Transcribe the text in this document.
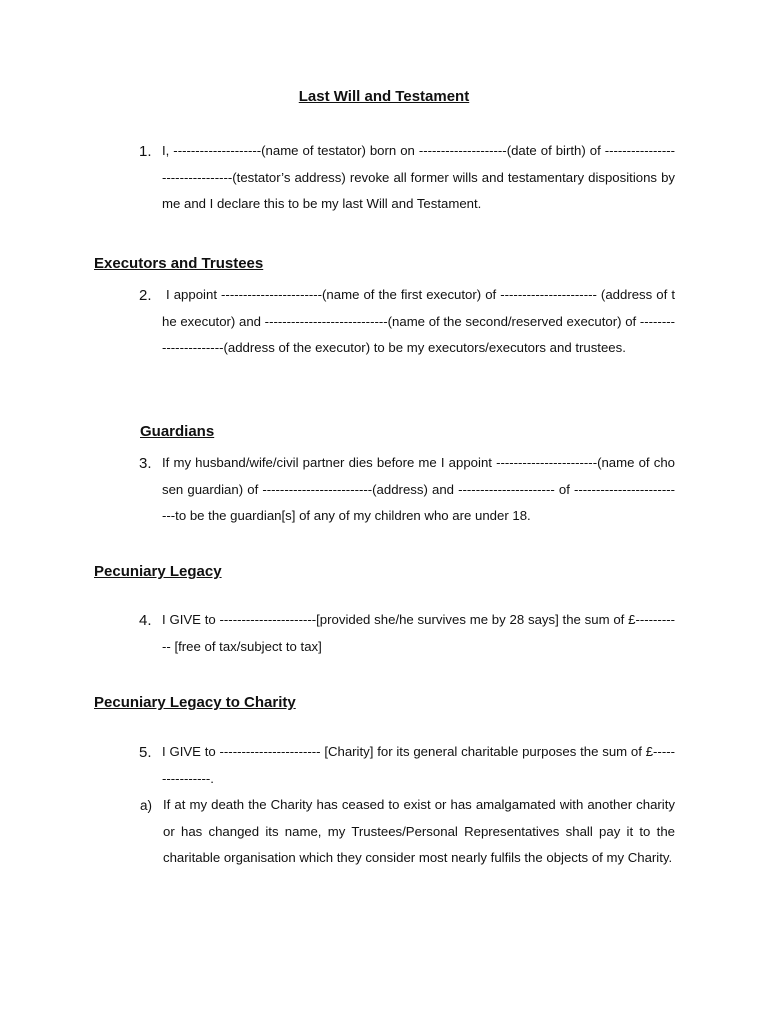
Last Will and Testament
1. I, --------------------(name of testator) born on --------------------(date of birth) of --------------------------------(testator’s address) revoke all former wills and testamentary dispositions by me and I declare this to be my last Will and Testament.

Executors and Trustees
2.	I appoint -----------------------(name of the first executor) of ---------------------- (address of the executor) and ----------------------------(name of the second/reserved executor) of ----------------------(address of the executor) to be my executors/executors and trustees.

Guardians
3. If my husband/wife/civil partner dies before me I appoint -----------------------(name of chosen guardian) of -------------------------(address) and ---------------------- of --------------------------to be the guardian[s] of any of my children who are under 18.

Pecuniary Legacy
4. I GIVE to ----------------------[provided she/he survives me by 28 says] the sum of £----------- [free of tax/subject to tax]

Pecuniary Legacy to Charity
5. I GIVE to ----------------------- [Charity] for its general charitable purposes the sum of £----------------.

a) If at my death the Charity has ceased to exist or has amalgamated with another charity or has changed its name, my Trustees/Personal Representatives shall pay it to the charitable organisation which they consider most nearly fulfils the objects of my Charity.
